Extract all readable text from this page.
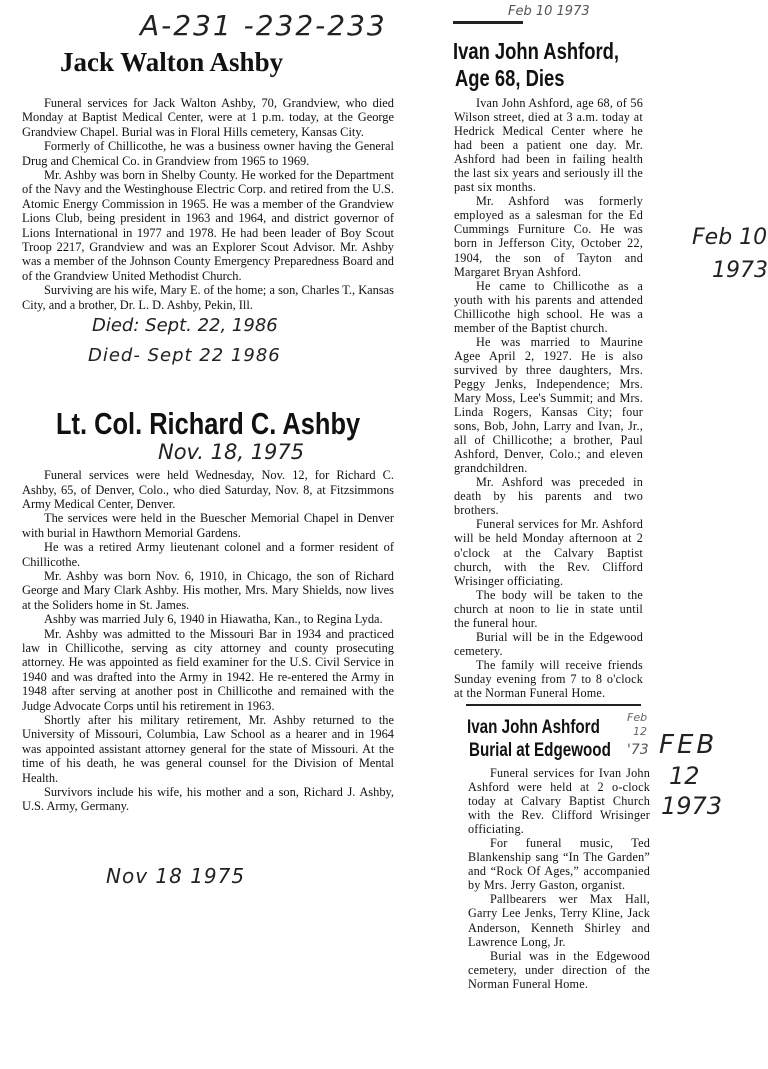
A-231 -232-233
Jack Walton Ashby

Funeral services for Jack Walton Ashby, 70, Grandview, who died Monday at Baptist Medical Center, were at 1 p.m. today, at the George Grandview Chapel. Burial was in Floral Hills cemetery, Kansas City.

Formerly of Chillicothe, he was a business owner having the General Drug and Chemical Co. in Grandview from 1965 to 1969.

Mr. Ashby was born in Shelby County. He worked for the Department of the Navy and the Westinghouse Electric Corp. and retired from the U.S. Atomic Energy Commission in 1965. He was a member of the Grandview Lions Club, being president in 1963 and 1964, and district governor of Lions International in 1977 and 1978. He had been leader of Boy Scout Troop 2217, Grandview and was an Explorer Scout Advisor. Mr. Ashby was a member of the Johnson County Emergency Preparedness Board and of the Grandview United Methodist Church.

Surviving are his wife, Mary E. of the home; a son, Charles T., Kansas City, and a brother, Dr. L. D. Ashby, Pekin, Ill.

Died: Sept. 22, 1986
Died- Sept 22 1986
Lt. Col. Richard C. Ashby
Nov. 18, 1975

Funeral services were held Wednesday, Nov. 12, for Richard C. Ashby, 65, of Denver, Colo., who died Saturday, Nov. 8, at Fitzsimmons Army Medical Center, Denver.

The services were held in the Buescher Memorial Chapel in Denver with burial in Hawthorn Memorial Gardens.

He was a retired Army lieutenant colonel and a former resident of Chillicothe.

Mr. Ashby was born Nov. 6, 1910, in Chicago, the son of Richard George and Mary Clark Ashby. His mother, Mrs. Mary Shields, now lives at the Soliders home in St. James.

Ashby was married July 6, 1940 in Hiawatha, Kan., to Regina Lyda.

Mr. Ashby was admitted to the Missouri Bar in 1934 and practiced law in Chillicothe, serving as city attorney and county prosecuting attorney. He was appointed as field examiner for the U.S. Civil Service in 1940 and was drafted into the Army in 1942. He re-entered the Army in 1948 after serving at another post in Chillicothe and remained with the Judge Advocate Corps until his retirement in 1963.

Shortly after his military retirement, Mr. Ashby returned to the University of Missouri, Columbia, Law School as a hearer and in 1964 was appointed assistant attorney general for the state of Missouri. At the time of his death, he was general counsel for the Division of Mental Health.

Survivors include his wife, his mother and a son, Richard J. Ashby, U.S. Army, Germany.

Nov 18 1975
Feb 10 1973
Ivan John Ashford,
Age 68, Dies

Ivan John Ashford, age 68, of 56 Wilson street, died at 3 a.m. today at Hedrick Medical Center where he had been a patient one day. Mr. Ashford had been in failing health the last six years and seriously ill the past six months.

Mr. Ashford was formerly employed as a salesman for the Ed Cummings Furniture Co. He was born in Jefferson City, October 22, 1904, the son of Tayton and Margaret Bryan Ashford.

He came to Chillicothe as a youth with his parents and attended Chillicothe high school. He was a member of the Baptist church.

He was married to Maurine Agee April 2, 1927. He is also survived by three daughters, Mrs. Peggy Jenks, Independence; Mrs. Mary Moss, Lee's Summit; and Mrs. Linda Rogers, Kansas City; four sons, Bob, John, Larry and Ivan, Jr., all of Chillicothe; a brother, Paul Ashford, Denver, Colo.; and eleven grandchildren.

Mr. Ashford was preceded in death by his parents and two brothers.

Funeral services for Mr. Ashford will be held Monday afternoon at 2 o'clock at the Calvary Baptist church, with the Rev. Clifford Wrisinger officiating.

The body will be taken to the church at noon to lie in state until the funeral hour.

Burial will be in the Edgewood cemetery.

The family will receive friends Sunday evening from 7 to 8 o'clock at the Norman Funeral Home.

Ivan John Ashford
Burial at Edgewood
Feb
12
'73 FEB
12
1973

Funeral services for Ivan John Ashford were held at 2 o-clock today at Calvary Baptist Church with the Rev. Clifford Wrisinger officiating.

For funeral music, Ted Blankenship sang “In The Garden” and “Rock Of Ages,” accompanied by Mrs. Jerry Gaston, organist.

Pallbearers wer Max Hall, Garry Lee Jenks, Terry Kline, Jack Anderson, Kenneth Shirley and Lawrence Long, Jr.

Burial was in the Edgewood cemetery, under direction of the Norman Funeral Home.

Feb 10
1973
